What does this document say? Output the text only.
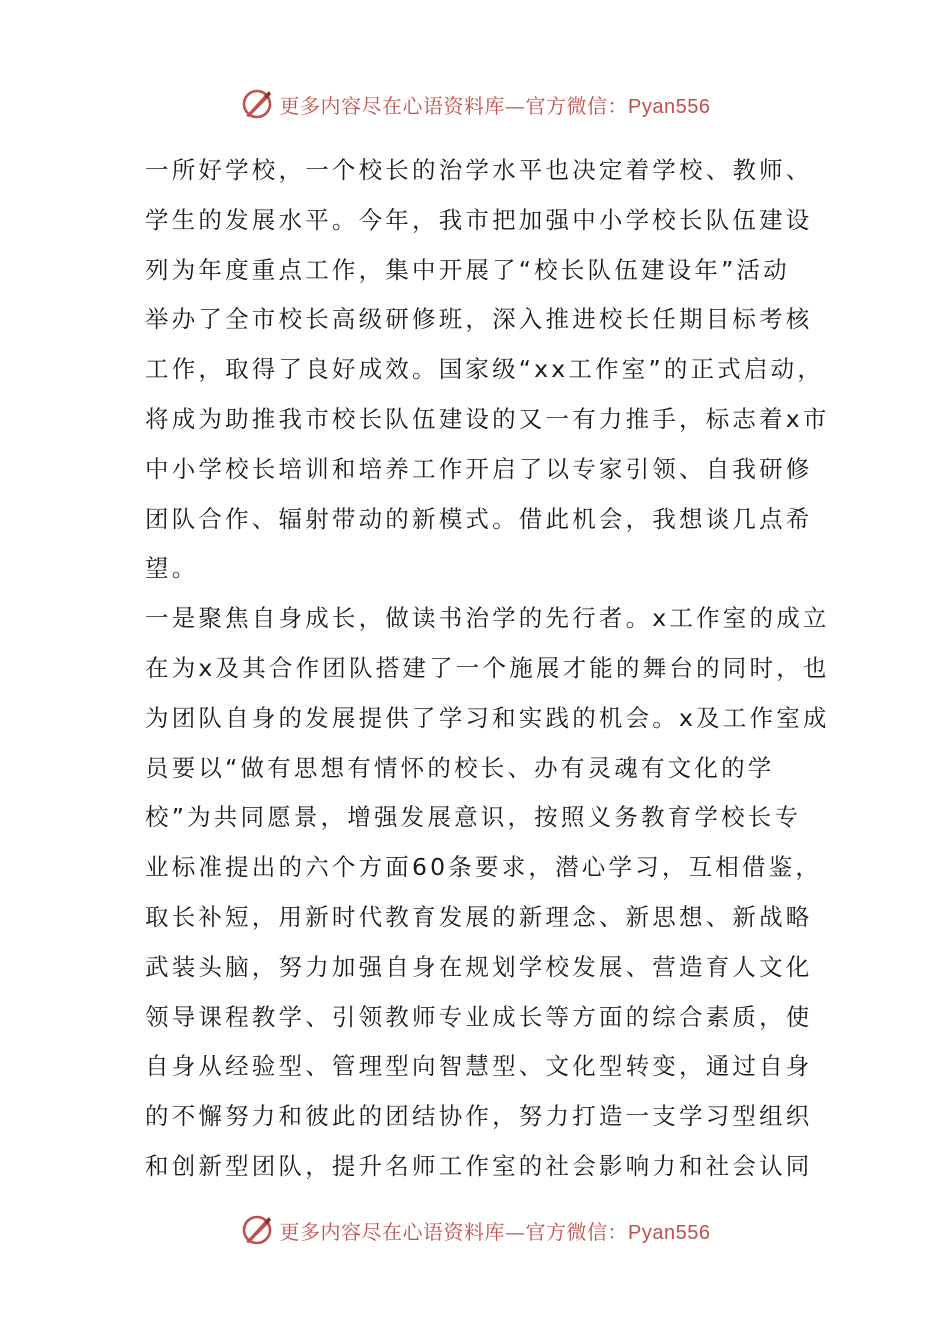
更多内容尽在心语资料库—官方微信：Pyan556
一所好学校，一个校长的治学水平也决定着学校、教师、
学生的发展水平。今年，我市把加强中小学校长队伍建设
列为年度重点工作，集中开展了“校长队伍建设年”活动
举办了全市校长高级研修班，深入推进校长任期目标考核
工作，取得了良好成效。国家级“xx工作室”的正式启动，
将成为助推我市校长队伍建设的又一有力推手，标志着x市
中小学校长培训和培养工作开启了以专家引领、自我研修
团队合作、辐射带动的新模式。借此机会，我想谈几点希
望。
一是聚焦自身成长，做读书治学的先行者。x工作室的成立
在为x及其合作团队搭建了一个施展才能的舞台的同时，也
为团队自身的发展提供了学习和实践的机会。x及工作室成
员要以“做有思想有情怀的校长、办有灵魂有文化的学
校”为共同愿景，增强发展意识，按照义务教育学校长专
业标准提出的六个方面60条要求，潜心学习，互相借鉴，
取长补短，用新时代教育发展的新理念、新思想、新战略
武装头脑，努力加强自身在规划学校发展、营造育人文化
领导课程教学、引领教师专业成长等方面的综合素质，使
自身从经验型、管理型向智慧型、文化型转变，通过自身
的不懈努力和彼此的团结协作，努力打造一支学习型组织
和创新型团队，提升名师工作室的社会影响力和社会认同
更多内容尽在心语资料库—官方微信：Pyan556
